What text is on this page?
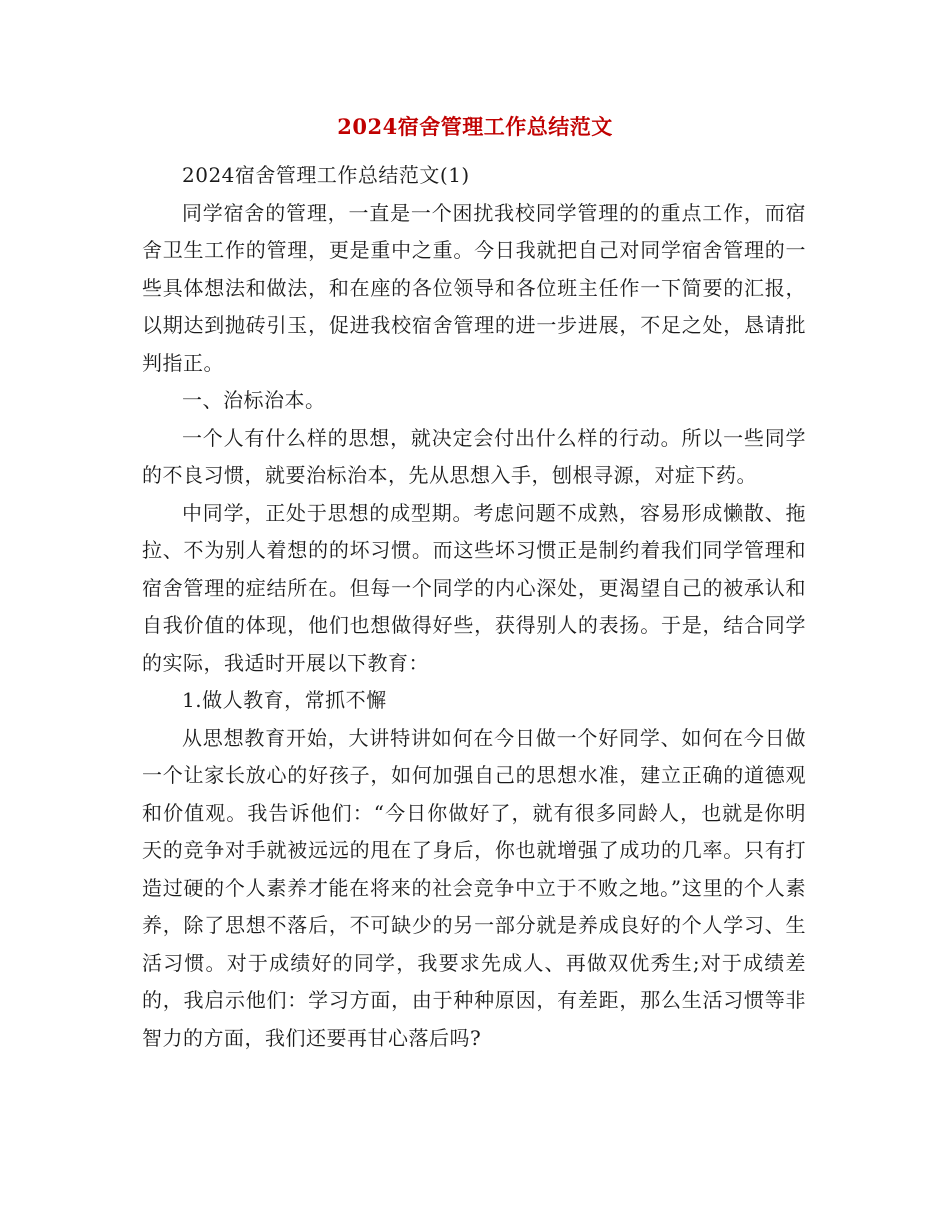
2024宿舍管理工作总结范文

2024宿舍管理工作总结范文(1)

同学宿舍的管理，一直是一个困扰我校同学管理的的重点工作，而宿舍卫生工作的管理，更是重中之重。今日我就把自己对同学宿舍管理的一些具体想法和做法，和在座的各位领导和各位班主任作一下简要的汇报，以期达到抛砖引玉，促进我校宿舍管理的进一步进展，不足之处，恳请批判指正。

一、治标治本。

一个人有什么样的思想，就决定会付出什么样的行动。所以一些同学的不良习惯，就要治标治本，先从思想入手，刨根寻源，对症下药。

中同学，正处于思想的成型期。考虑问题不成熟，容易形成懒散、拖拉、不为别人着想的的坏习惯。而这些坏习惯正是制约着我们同学管理和宿舍管理的症结所在。但每一个同学的内心深处，更渴望自己的被承认和自我价值的体现，他们也想做得好些，获得别人的表扬。于是，结合同学的实际，我适时开展以下教育：

1.做人教育，常抓不懈

从思想教育开始，大讲特讲如何在今日做一个好同学、如何在今日做一个让家长放心的好孩子，如何加强自己的思想水准，建立正确的道德观和价值观。我告诉他们：“今日你做好了，就有很多同龄人，也就是你明天的竞争对手就被远远的甩在了身后，你也就增强了成功的几率。只有打造过硬的个人素养才能在将来的社会竞争中立于不败之地。”这里的个人素养，除了思想不落后，不可缺少的另一部分就是养成良好的个人学习、生活习惯。对于成绩好的同学，我要求先成人、再做双优秀生;对于成绩差的，我启示他们：学习方面，由于种种原因，有差距，那么生活习惯等非智力的方面，我们还要再甘心落后吗?
